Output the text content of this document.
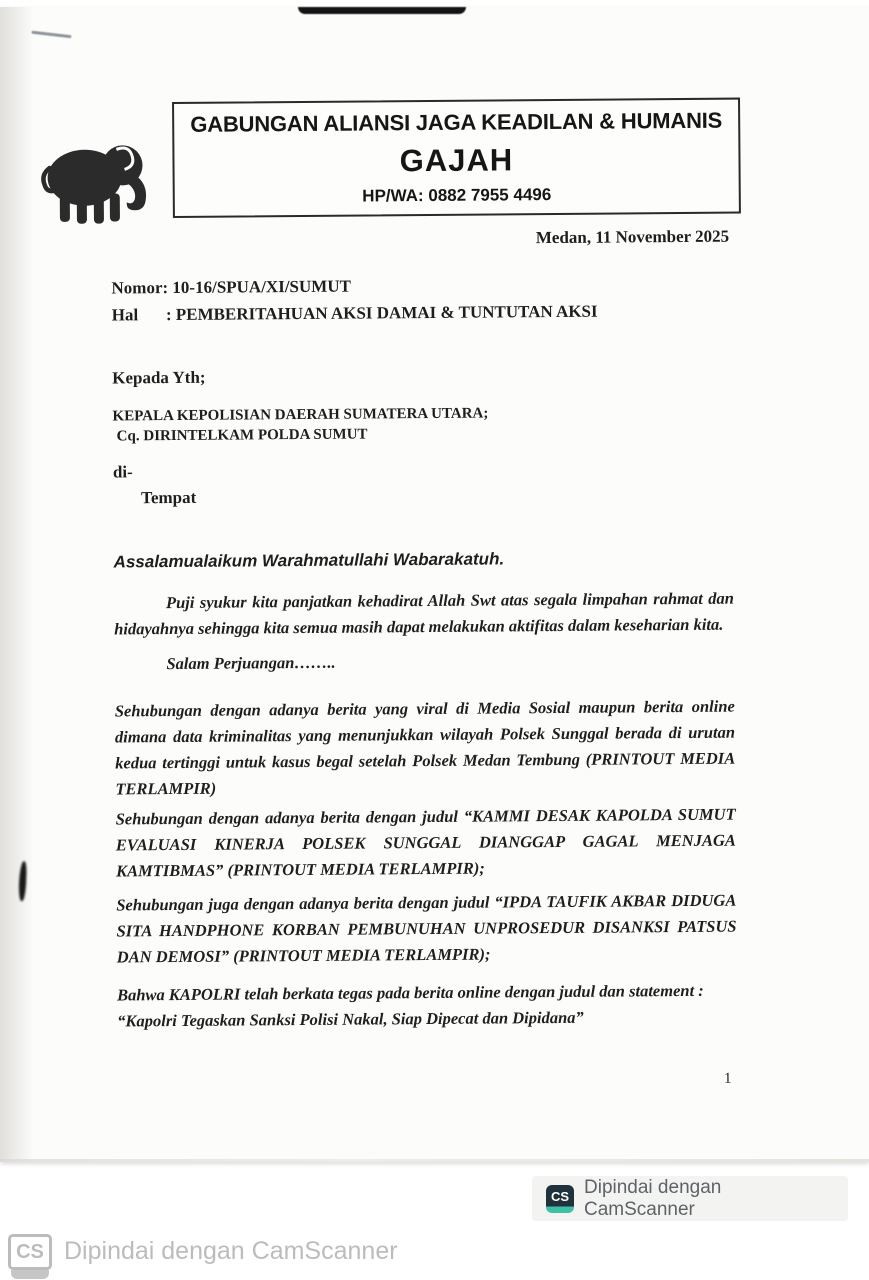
GABUNGAN ALIANSI JAGA KEADILAN & HUMANIS
GAJAH
HP/WA: 0882 7955 4496
Medan, 11 November 2025
Nomor: 10-16/SPUA/XI/SUMUT
Hal : PEMBERITAHUAN AKSI DAMAI & TUNTUTAN AKSI
Kepada Yth;
KEPALA KEPOLISIAN DAERAH SUMATERA UTARA;
Cq. DIRINTELKAM POLDA SUMUT
di-
Tempat
Assalamualaikum Warahmatullahi Wabarakatuh.
Puji syukur kita panjatkan kehadirat Allah Swt atas segala limpahan rahmat dan hidayahnya sehingga kita semua masih dapat melakukan aktifitas dalam keseharian kita.
Salam Perjuangan……..
Sehubungan dengan adanya berita yang viral di Media Sosial maupun berita online dimana data kriminalitas yang menunjukkan wilayah Polsek Sunggal berada di urutan kedua tertinggi untuk kasus begal setelah Polsek Medan Tembung (PRINTOUT MEDIA TERLAMPIR)
Sehubungan dengan adanya berita dengan judul “KAMMI DESAK KAPOLDA SUMUT EVALUASI KINERJA POLSEK SUNGGAL DIANGGAP GAGAL MENJAGA KAMTIBMAS” (PRINTOUT MEDIA TERLAMPIR);
Sehubungan juga dengan adanya berita dengan judul “IPDA TAUFIK AKBAR DIDUGA SITA HANDPHONE KORBAN PEMBUNUHAN UNPROSEDUR DISANKSI PATSUS DAN DEMOSI” (PRINTOUT MEDIA TERLAMPIR);
Bahwa KAPOLRI telah berkata tegas pada berita online dengan judul dan statement :
“Kapolri Tegaskan Sanksi Polisi Nakal, Siap Dipecat dan Dipidana”
1
CS Dipindai dengan CamScanner
CS Dipindai dengan CamScanner
